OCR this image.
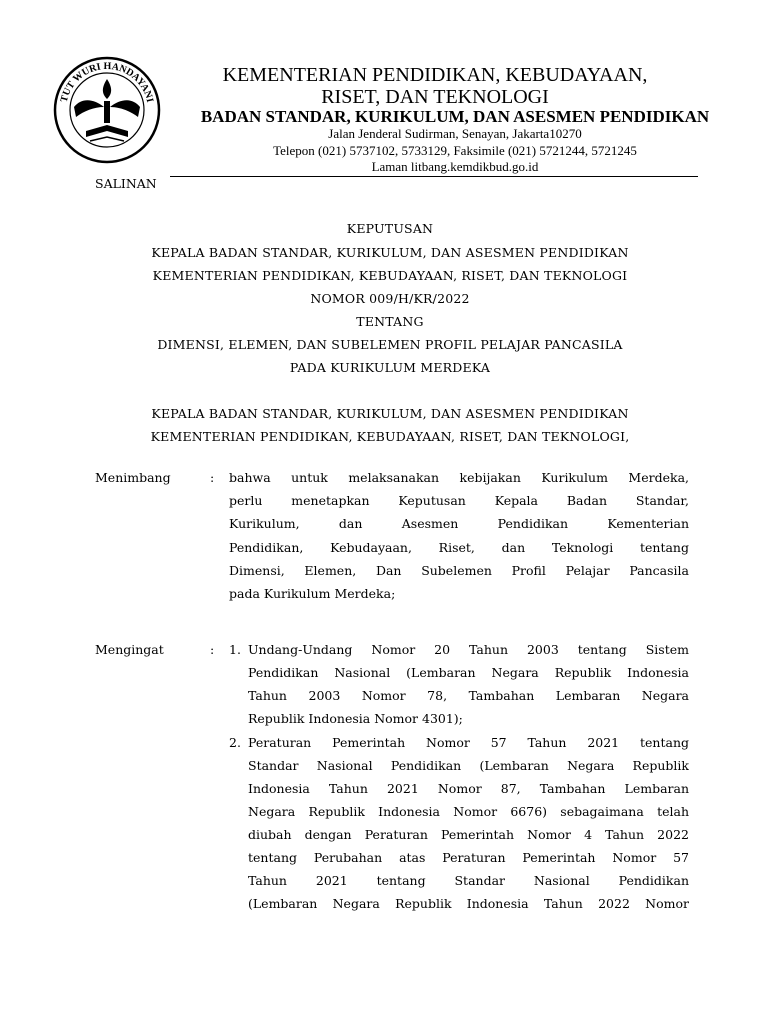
TUT WURI HANDAYANI
KEMENTERIAN PENDIDIKAN, KEBUDAYAAN,
RISET, DAN TEKNOLOGI
BADAN STANDAR, KURIKULUM, DAN ASESMEN PENDIDIKAN
Jalan Jenderal Sudirman, Senayan, Jakarta10270
Telepon (021) 5737102, 5733129, Faksimile (021) 5721244, 5721245
Laman litbang.kemdikbud.go.id
SALINAN
KEPUTUSAN
KEPALA BADAN STANDAR, KURIKULUM, DAN ASESMEN PENDIDIKAN
KEMENTERIAN PENDIDIKAN, KEBUDAYAAN, RISET, DAN TEKNOLOGI
NOMOR 009/H/KR/2022
TENTANG
DIMENSI, ELEMEN, DAN SUBELEMEN PROFIL PELAJAR PANCASILA
PADA KURIKULUM MERDEKA
KEPALA BADAN STANDAR, KURIKULUM, DAN ASESMEN PENDIDIKAN
KEMENTERIAN PENDIDIKAN, KEBUDAYAAN, RISET, DAN TEKNOLOGI,
Menimbang	: bahwa untuk melaksanakan kebijakan Kurikulum Merdeka,
perlu menetapkan Keputusan Kepala Badan Standar,
Kurikulum, dan Asesmen Pendidikan Kementerian
Pendidikan, Kebudayaan, Riset, dan Teknologi tentang
Dimensi, Elemen, Dan Subelemen Profil Pelajar Pancasila
pada Kurikulum Merdeka;
Mengingat	: 1. Undang-Undang Nomor 20 Tahun 2003 tentang Sistem
Pendidikan Nasional (Lembaran Negara Republik Indonesia
Tahun 2003 Nomor 78, Tambahan Lembaran Negara
Republik Indonesia Nomor 4301);
2. Peraturan Pemerintah Nomor 57 Tahun 2021 tentang
Standar Nasional Pendidikan (Lembaran Negara Republik
Indonesia Tahun 2021 Nomor 87, Tambahan Lembaran
Negara Republik Indonesia Nomor 6676) sebagaimana telah
diubah dengan Peraturan Pemerintah Nomor 4 Tahun 2022
tentang Perubahan atas Peraturan Pemerintah Nomor 57
Tahun 2021 tentang Standar Nasional Pendidikan
(Lembaran Negara Republik Indonesia Tahun 2022 Nomor
